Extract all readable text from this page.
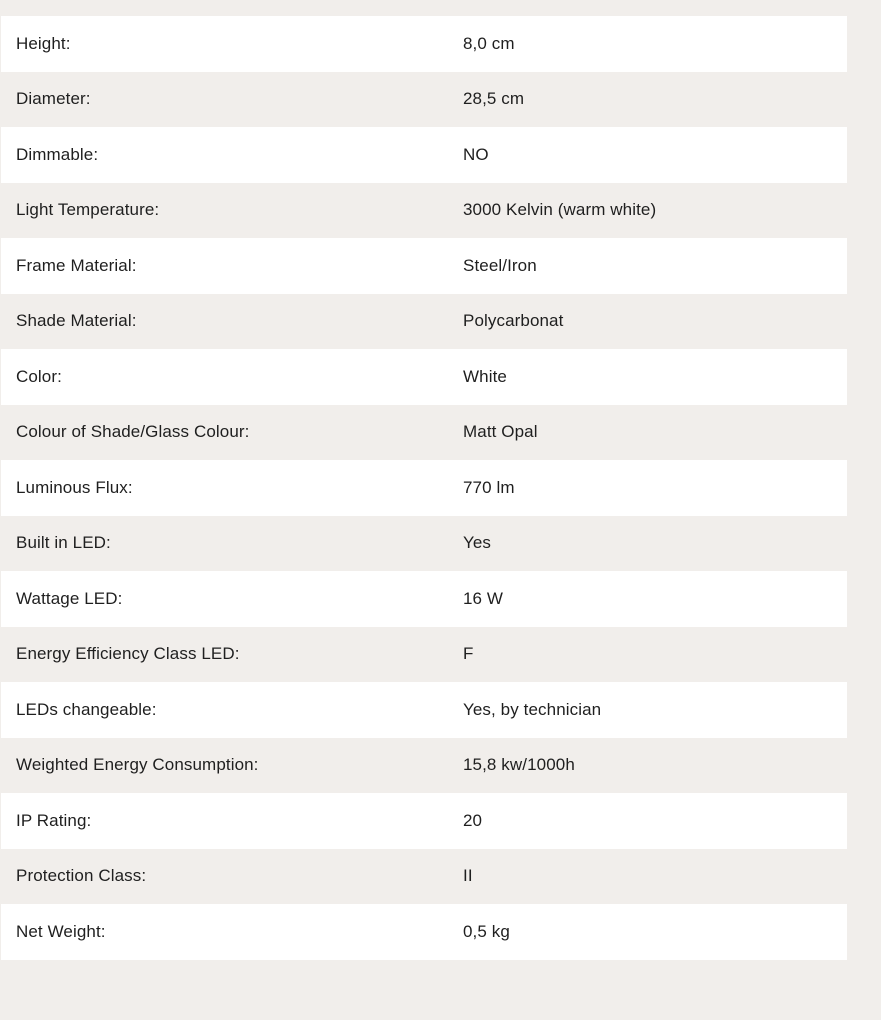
Height:	8,0 cm
Diameter:	28,5 cm
Dimmable:	NO
Light Temperature:	3000 Kelvin (warm white)
Frame Material:	Steel/Iron
Shade Material:	Polycarbonat
Color:	White
Colour of Shade/Glass Colour:	Matt Opal
Luminous Flux:	770 lm
Built in LED:	Yes
Wattage LED:	16 W
Energy Efficiency Class LED:	F
LEDs changeable:	Yes, by technician
Weighted Energy Consumption:	15,8 kw/1000h
IP Rating:	20
Protection Class:	II
Net Weight:	0,5 kg
